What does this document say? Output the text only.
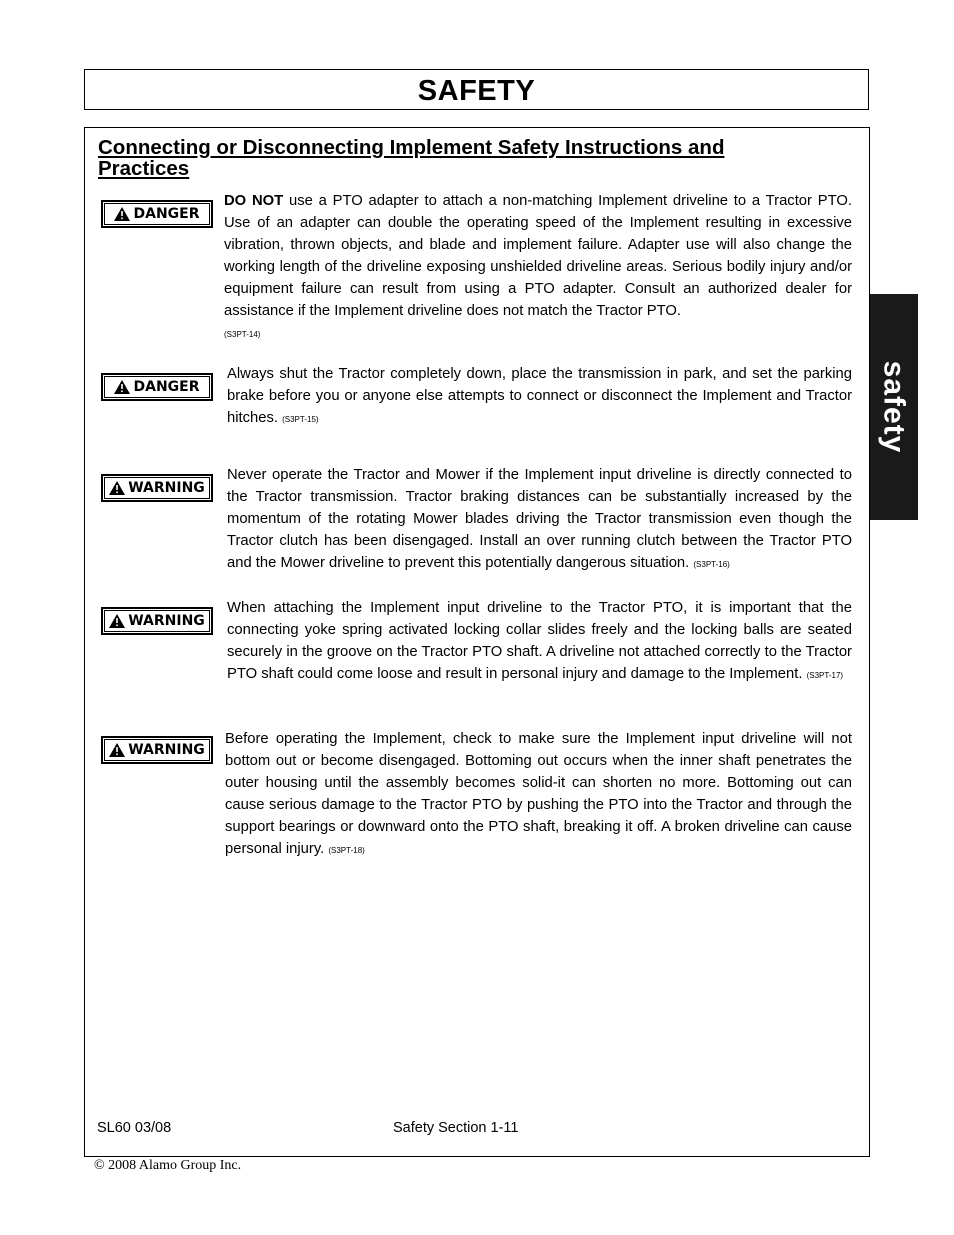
SAFETY
safety
Connecting or Disconnecting Implement Safety Instructions and Practices
DANGER
DO NOT use a PTO adapter to attach a non-matching Implement driveline to a Tractor PTO. Use of an adapter can double the operating speed of the Implement resulting in excessive vibration, thrown objects, and blade and implement failure. Adapter use will also change the working length of the driveline exposing unshielded driveline areas. Serious bodily injury and/or equipment failure can result from using a PTO adapter. Consult an authorized dealer for assistance if the Implement driveline does not match the Tractor PTO.
(S3PT-14)
DANGER
Always shut the Tractor completely down, place the transmission in park, and set the parking brake before you or anyone else attempts to connect or disconnect the Implement and Tractor hitches. (S3PT-15)
WARNING
Never operate the Tractor and Mower if the Implement input driveline is directly connected to the Tractor transmission. Tractor braking distances can be substantially increased by the momentum of the rotating Mower blades driving the Tractor transmission even though the Tractor clutch has been disengaged. Install an over running clutch between the Tractor PTO and the Mower driveline to prevent this potentially dangerous situation. (S3PT-16)
WARNING
When attaching the Implement input driveline to the Tractor PTO, it is important that the connecting yoke spring activated locking collar slides freely and the locking balls are seated securely in the groove on the Tractor PTO shaft. A driveline not attached correctly to the Tractor PTO shaft could come loose and result in personal injury and damage to the Implement. (S3PT-17)
WARNING
Before operating the Implement, check to make sure the Implement input driveline will not bottom out or become disengaged. Bottoming out occurs when the inner shaft penetrates the outer housing until the assembly becomes solid-it can shorten no more. Bottoming out can cause serious damage to the Tractor PTO by pushing the PTO into the Tractor and through the support bearings or downward onto the PTO shaft, breaking it off. A broken driveline can cause personal injury. (S3PT-18)
SL60 03/08	Safety Section 1-11
© 2008 Alamo Group Inc.
